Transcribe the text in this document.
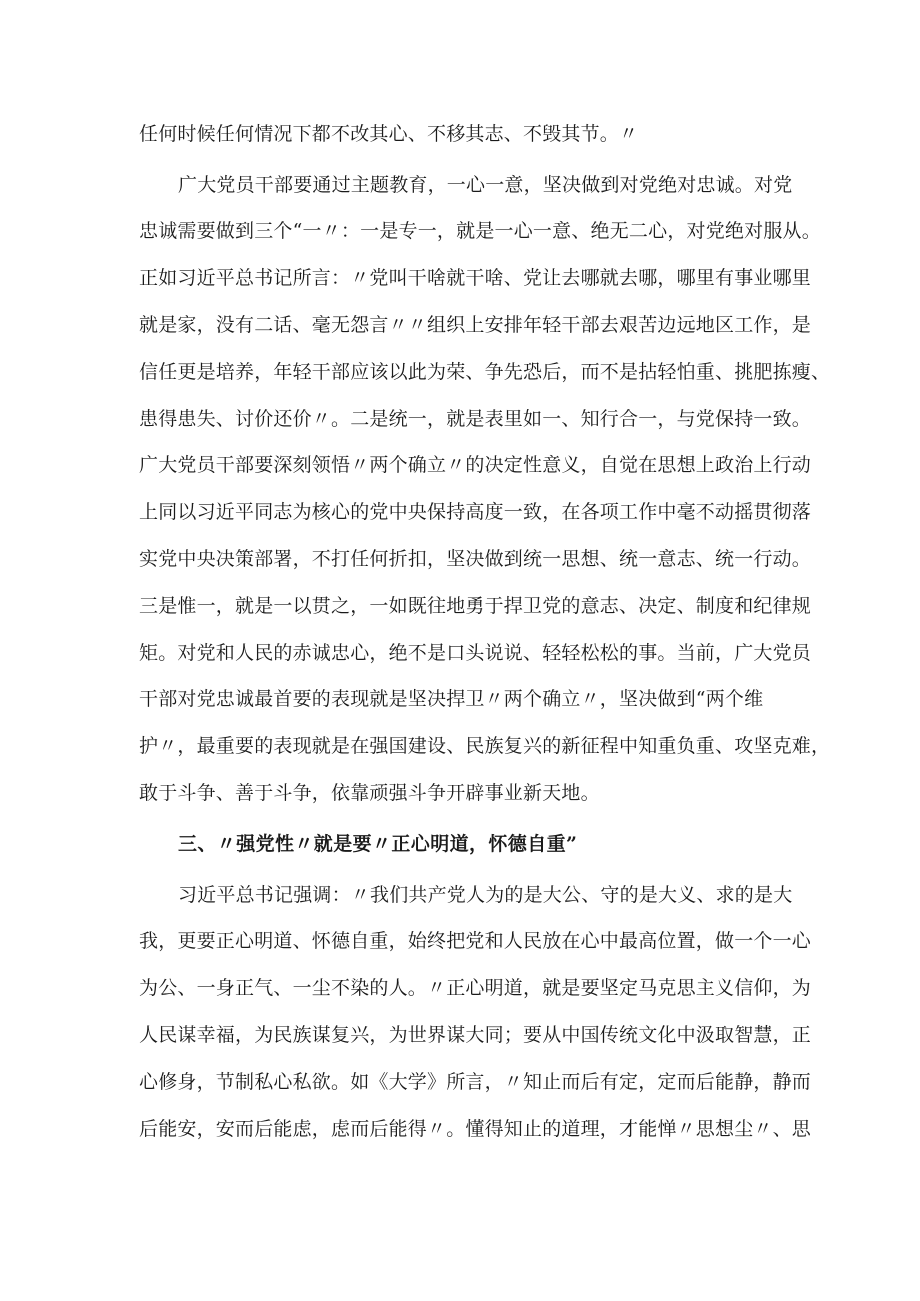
任何时候任何情况下都不改其心、不移其志、不毁其节。〃
广大党员干部要通过主题教育，一心一意，坚决做到对党绝对忠诚。对党
忠诚需要做到三个“一〃：一是专一，就是一心一意、绝无二心，对党绝对服从。
正如习近平总书记所言：〃党叫干啥就干啥、党让去哪就去哪，哪里有事业哪里
就是家，没有二话、毫无怨言〃〃组织上安排年轻干部去艰苦边远地区工作，是
信任更是培养，年轻干部应该以此为荣、争先恐后，而不是拈轻怕重、挑肥拣瘦、
患得患失、讨价还价〃。二是统一，就是表里如一、知行合一，与党保持一致。
广大党员干部要深刻领悟〃两个确立〃的决定性意义，自觉在思想上政治上行动
上同以习近平同志为核心的党中央保持高度一致，在各项工作中毫不动摇贯彻落
实党中央决策部署，不打任何折扣，坚决做到统一思想、统一意志、统一行动。
三是惟一，就是一以贯之，一如既往地勇于捍卫党的意志、决定、制度和纪律规
矩。对党和人民的赤诚忠心，绝不是口头说说、轻轻松松的事。当前，广大党员
干部对党忠诚最首要的表现就是坚决捍卫〃两个确立〃，坚决做到“两个维
护〃，最重要的表现就是在强国建设、民族复兴的新征程中知重负重、攻坚克难，
敢于斗争、善于斗争，依靠顽强斗争开辟事业新天地。
三、〃强党性〃就是要〃正心明道，怀德自重”
习近平总书记强调：〃我们共产党人为的是大公、守的是大义、求的是大
我，更要正心明道、怀德自重，始终把党和人民放在心中最高位置，做一个一心
为公、一身正气、一尘不染的人。〃正心明道，就是要坚定马克思主义信仰，为
人民谋幸福，为民族谋复兴，为世界谋大同；要从中国传统文化中汲取智慧，正
心修身，节制私心私欲。如《大学》所言，〃知止而后有定，定而后能静，静而
后能安，安而后能虑，虑而后能得〃。懂得知止的道理，才能惮〃思想尘〃、思
